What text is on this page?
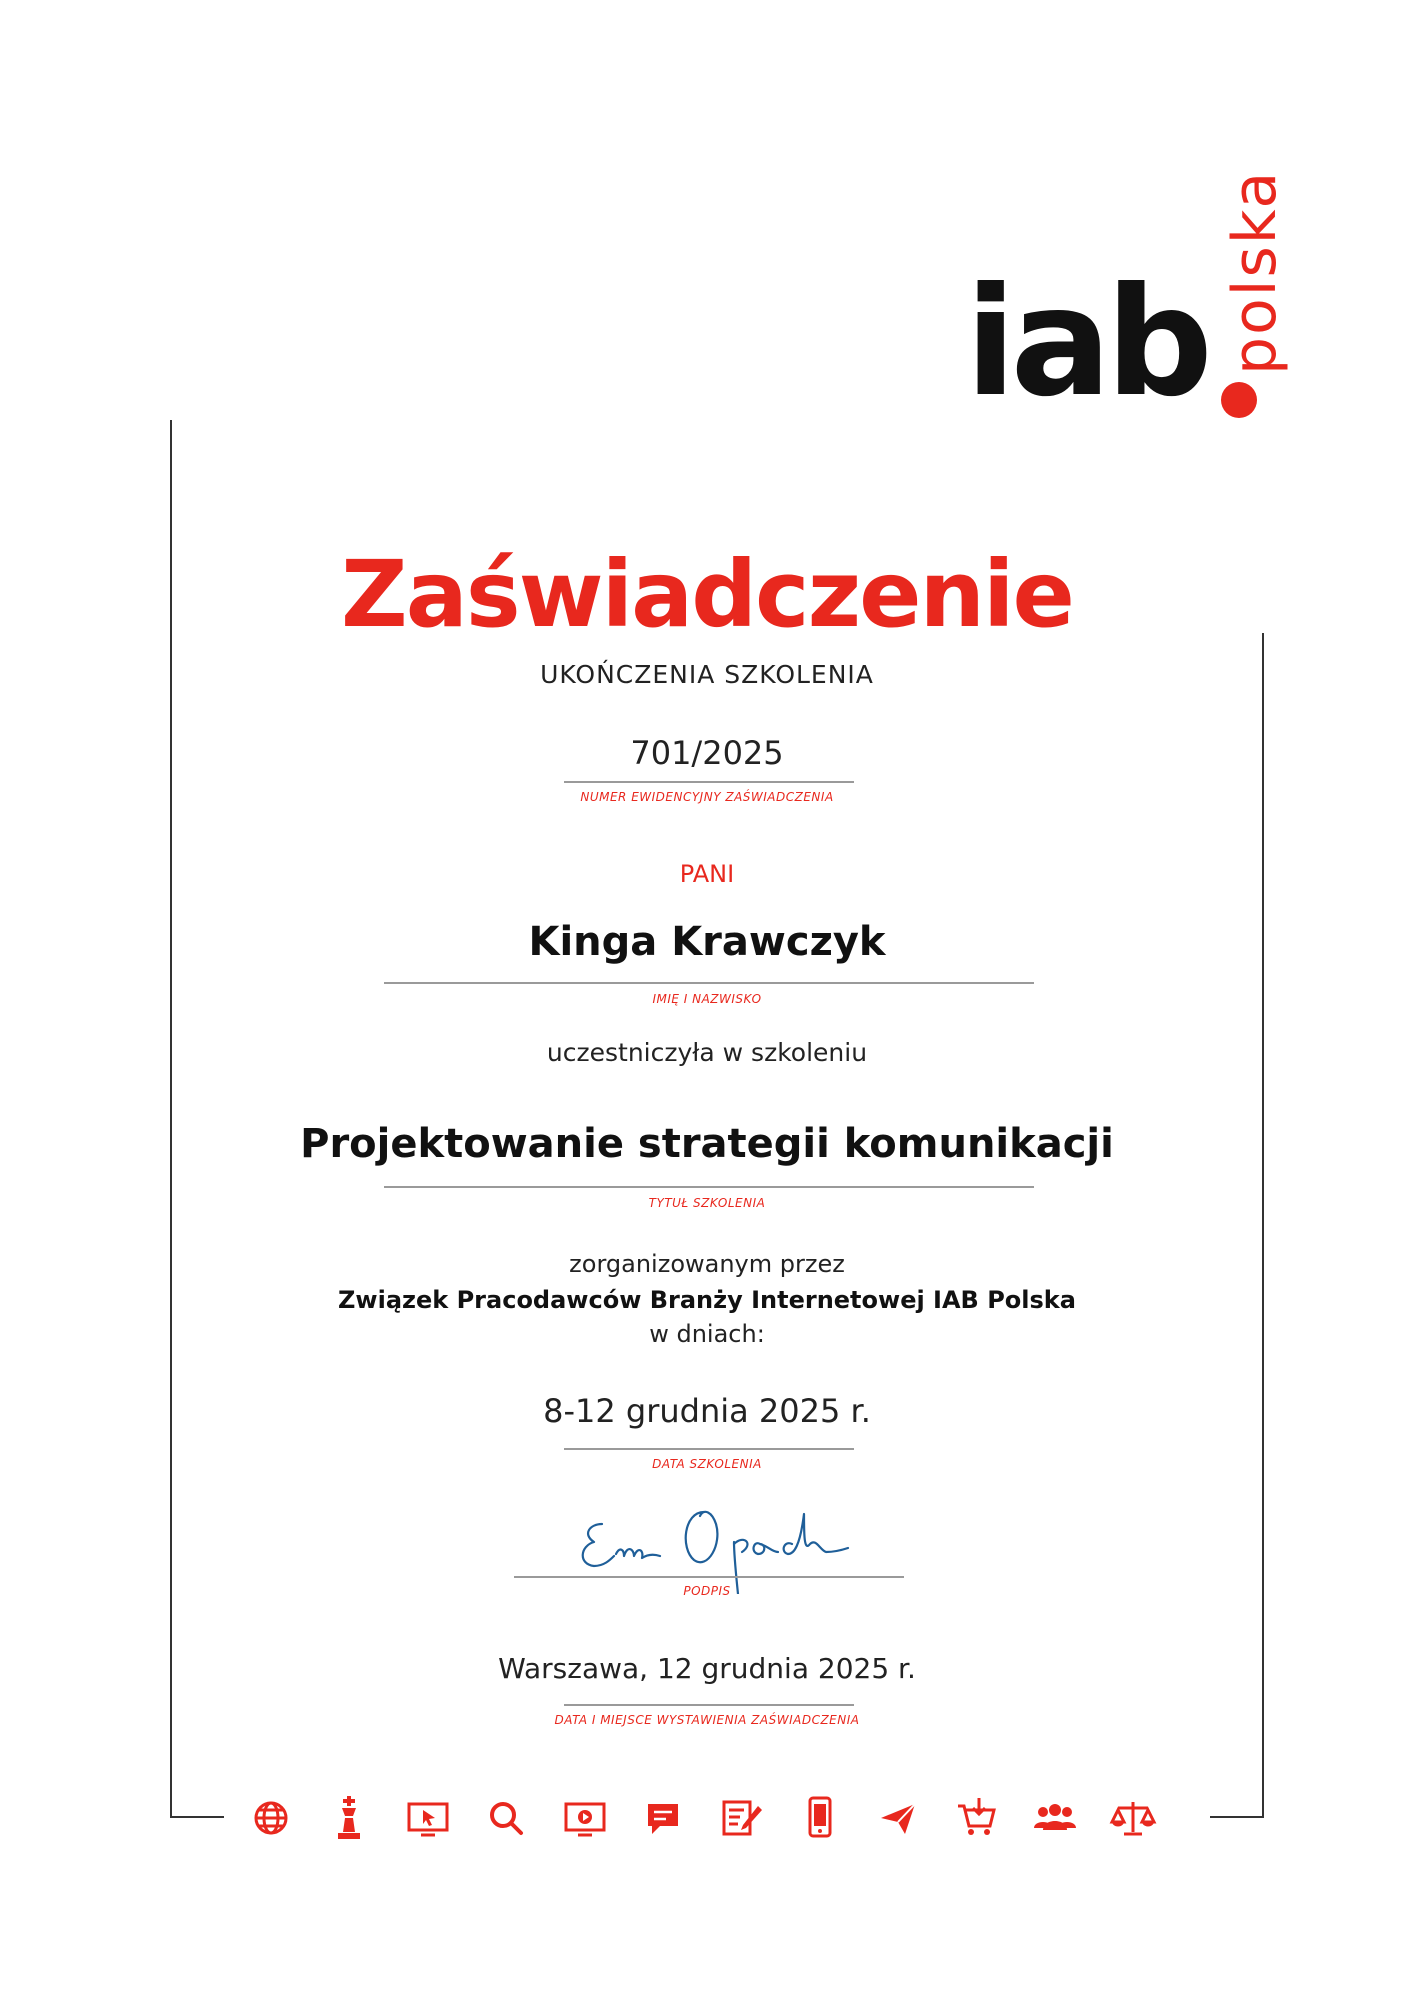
iab polska
Zaświadczenie
UKOŃCZENIA SZKOLENIA
701/2025
NUMER EWIDENCYJNY ZAŚWIADCZENIA
PANI
Kinga Krawczyk
IMIĘ I NAZWISKO
uczestniczyła w szkoleniu
Projektowanie strategii komunikacji
TYTUŁ SZKOLENIA
zorganizowanym przez
Związek Pracodawców Branży Internetowej IAB Polska
w dniach:
8-12 grudnia 2025 r.
DATA SZKOLENIA
PODPIS
Warszawa, 12 grudnia 2025 r.
DATA I MIEJSCE WYSTAWIENIA ZAŚWIADCZENIA
